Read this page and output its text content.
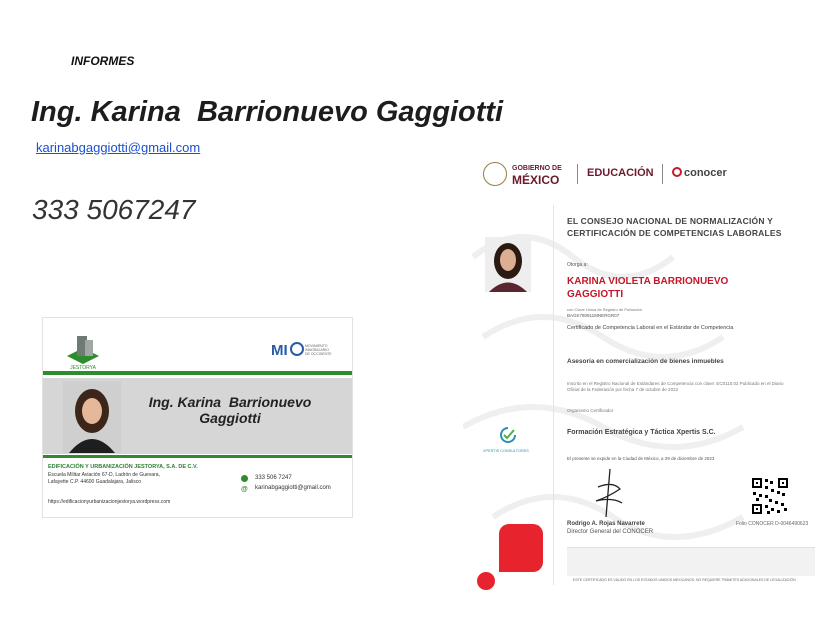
INFORMES
Ing. Karina  Barrionuevo Gaggiotti
karinabgaggiotti@gmail.com
333 5067247
JESTORYA
MI	MOVIMIENTO
INMOBILIARIO
DE OCCIDENTE
Ing. Karina  Barrionuevo
Gaggiotti
EDIFICACIÓN Y URBANIZACIÓN JESTORYA, S.A. DE C.V.
Escuela Militar Aviación 67-D, Ladrón de Guevara,
Lafayette C.P. 44600 Guadalajara, Jalisco
https://edificacionyurbanizacionjestorya.wordpress.com
@
333 506 7247
karinabgaggiotti@gmail.com
GOBIERNO DE
MÉXICO	EDUCACIÓN	conocer
EL CONSEJO NACIONAL DE NORMALIZACIÓN Y CERTIFICACIÓN DE COMPETENCIAS LABORALES
Otorga a:
KARINA VIOLETA BARRIONUEVO GAGGIOTTI
con Clave Única de Registro de Población
BAGK780911MNERGR07
Certificado de Competencia Laboral en el Estándar de Competencia
Asesoría en comercialización de bienes inmuebles
Inscrito en el Registro Nacional de Estándares de Competencia con clave: EC0110.02 Publicado en el Diario Oficial de la Federación por fecha 7 de octubre de 2022
Organismo Certificador
XPERTIS CONSULTORES
Formación Estratégica y Táctica Xpertis S.C.
El presente se expide en la Ciudad de México, a 29 de diciembre de 2023
Rodrigo A. Rojas Navarrete
Director General del CONOCER
Folio CONOCER D-0046490623
ESTE CERTIFICADO ES VÁLIDO EN LOS ESTADOS UNIDOS MEXICANOS, NO REQUIERE TRÁMITES ADICIONALES DE LEGALIZACIÓN
